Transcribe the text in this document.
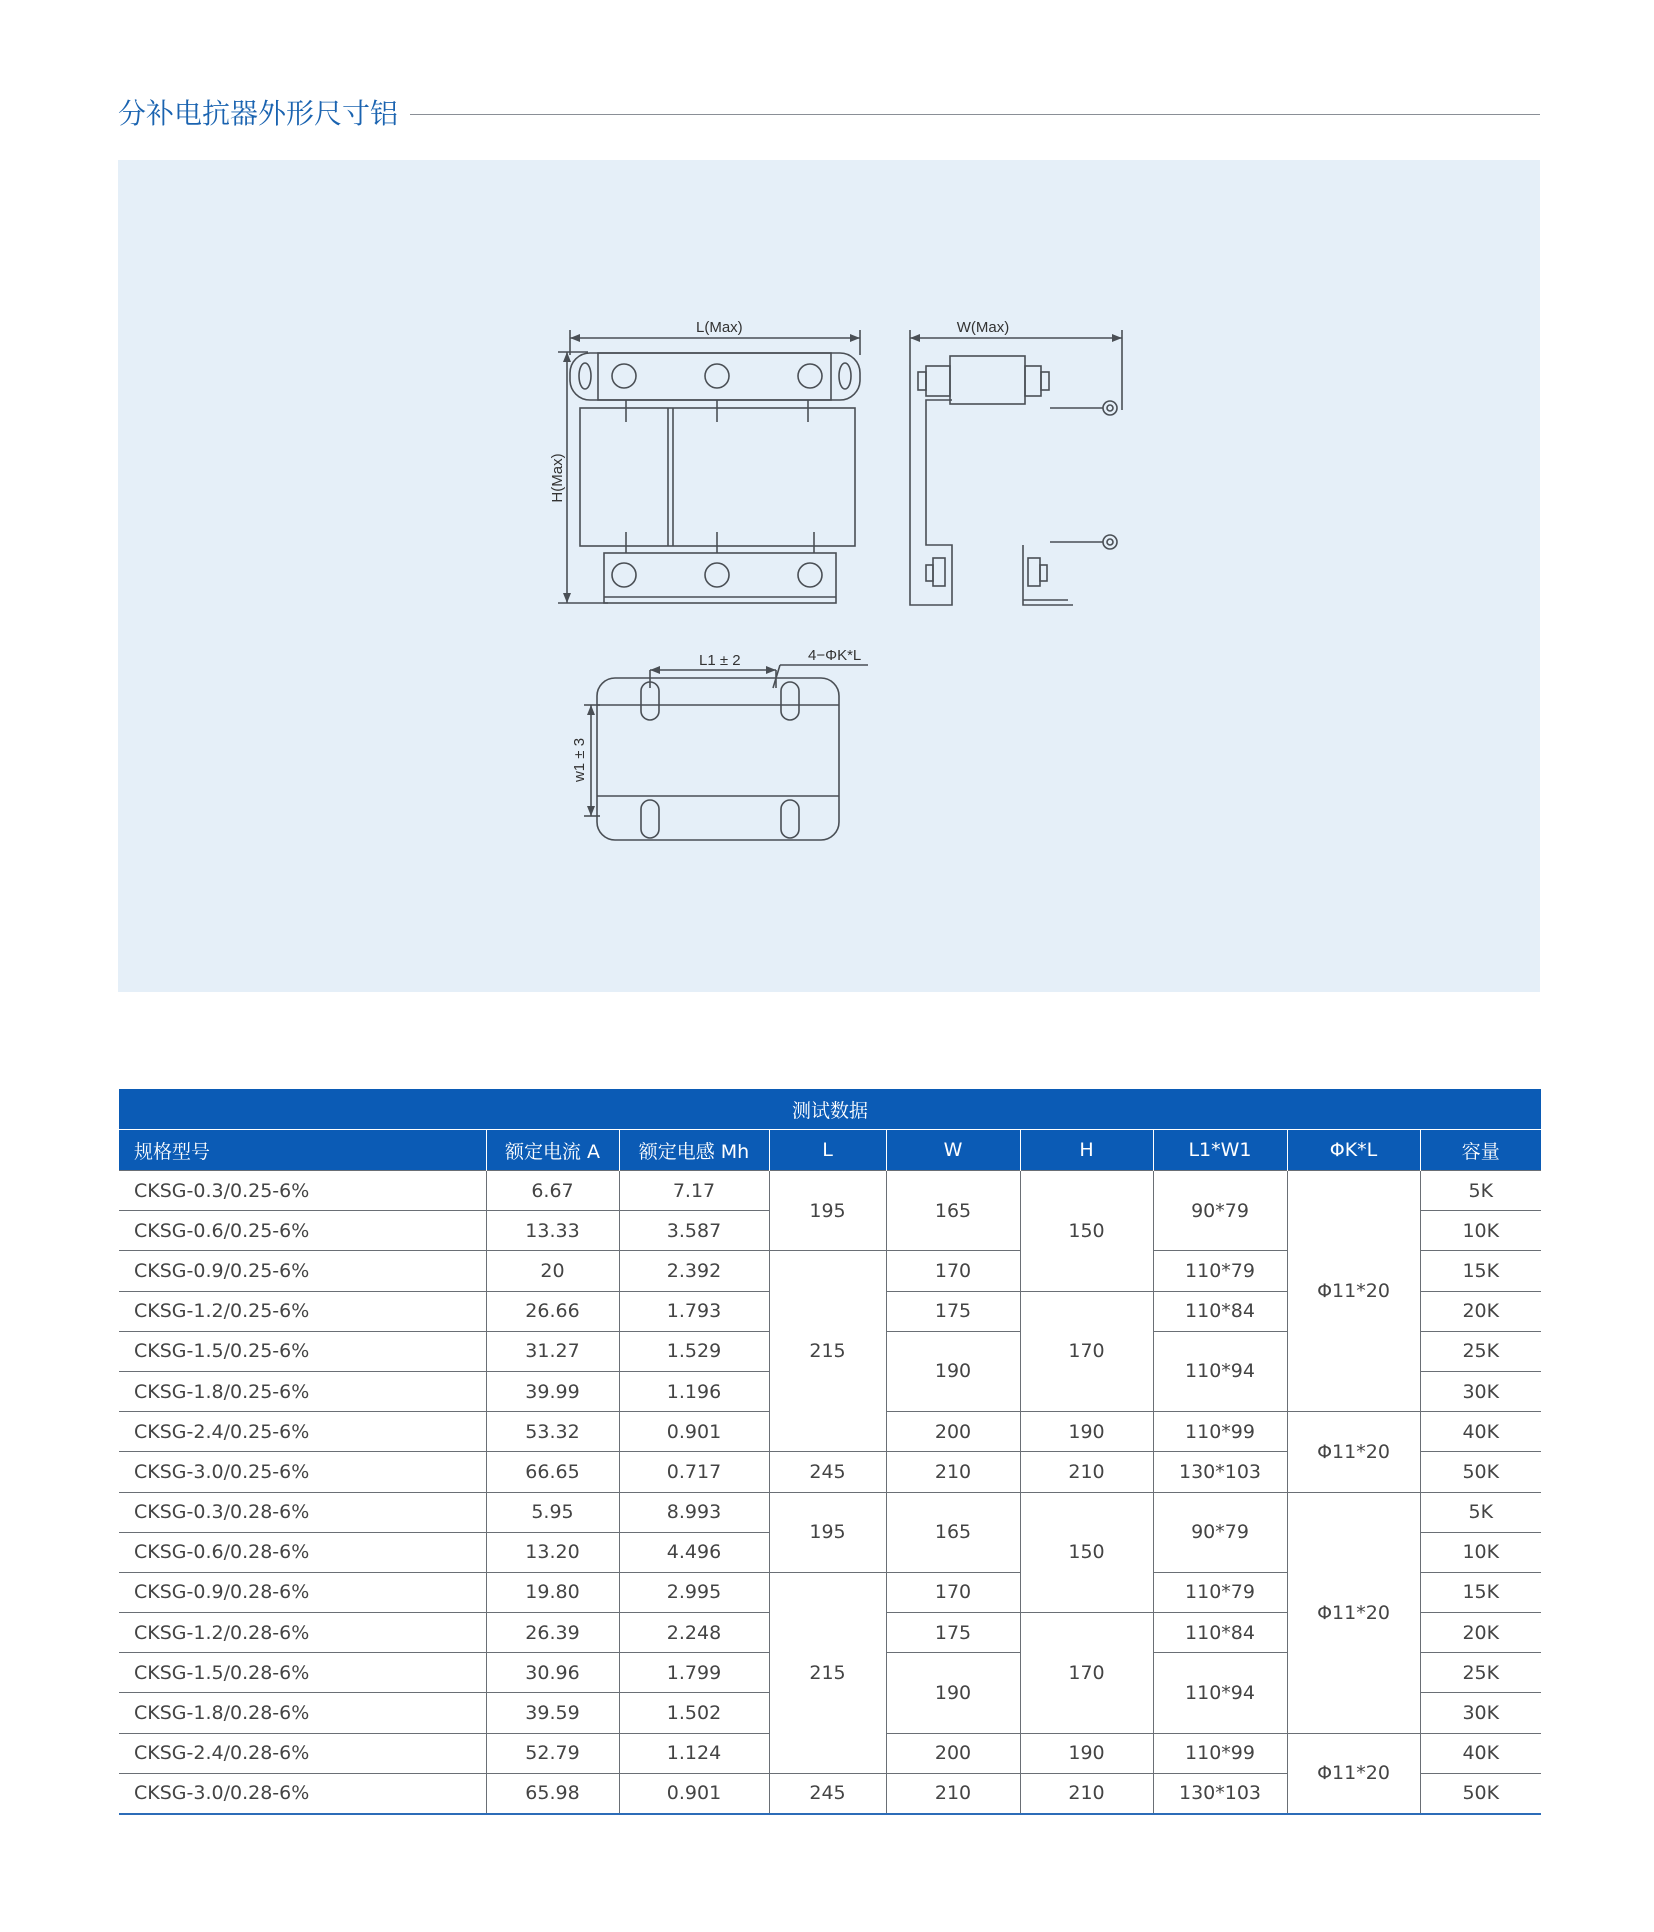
分补电抗器外形尺寸铝
L(Max)
H(Max)
W(Max)
L1 ± 2	4−ΦK*L
w1 ± 3
测试数据								
规格型号	额定电流 A	额定电感 Mh	L	W	H	L1*W1	ΦK*L	容量
CKSG-0.3/0.25-6%	6.67	7.17	195	165	150	90*79	Φ11*20	5K
CKSG-0.6/0.25-6%	13.33	3.587						10K
CKSG-0.9/0.25-6%	20	2.392	215	170		110*79		15K
CKSG-1.2/0.25-6%	26.66	1.793		175	170	110*84		20K
CKSG-1.5/0.25-6%	31.27	1.529		190		110*94		25K
CKSG-1.8/0.25-6%	39.99	1.196						30K
CKSG-2.4/0.25-6%	53.32	0.901		200	190	110*99	Φ11*20	40K
CKSG-3.0/0.25-6%	66.65	0.717	245	210	210	130*103		50K
CKSG-0.3/0.28-6%	5.95	8.993	195	165	150	90*79	Φ11*20	5K
CKSG-0.6/0.28-6%	13.20	4.496						10K
CKSG-0.9/0.28-6%	19.80	2.995	215	170		110*79		15K
CKSG-1.2/0.28-6%	26.39	2.248		175	170	110*84		20K
CKSG-1.5/0.28-6%	30.96	1.799		190		110*94		25K
CKSG-1.8/0.28-6%	39.59	1.502						30K
CKSG-2.4/0.28-6%	52.79	1.124		200	190	110*99	Φ11*20	40K
CKSG-3.0/0.28-6%	65.98	0.901	245	210	210	130*103		50K
